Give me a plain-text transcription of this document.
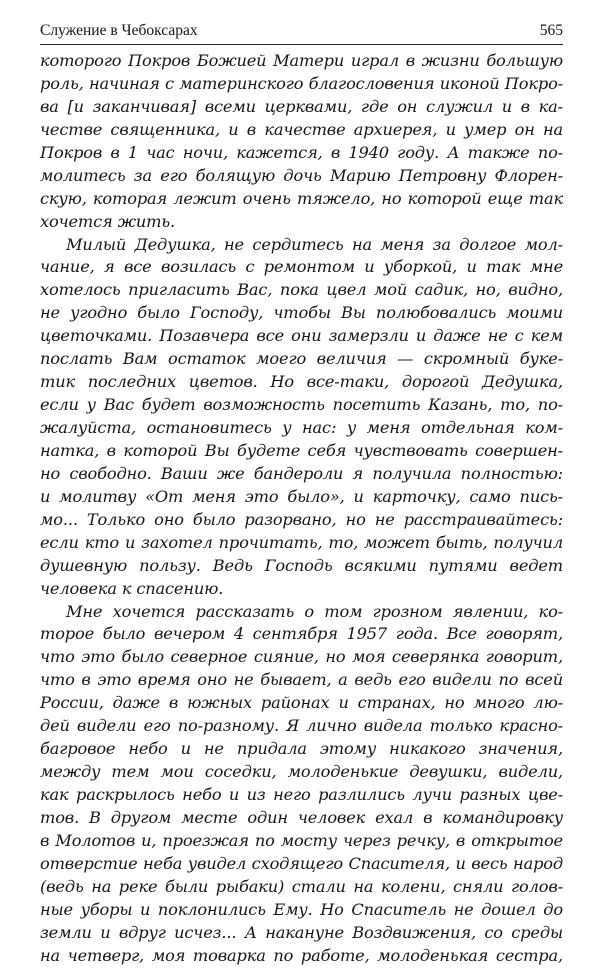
Служение в Чебоксарах	565
которого Покров Божией Матери играл в жизни большую
роль, начиная с материнского благословения иконой Покро-
ва [и заканчивая] всеми церквами, где он служил и в ка-
честве священника, и в качестве архиерея, и умер он на
Покров в 1 час ночи, кажется, в 1940 году. А также по-
молитесь за его болящую дочь Марию Петровну Флорен-
скую, которая лежит очень тяжело, но которой еще так
хочется жить.
Милый Дедушка, не сердитесь на меня за долгое мол-
чание, я все возилась с ремонтом и уборкой, и так мне
хотелось пригласить Вас, пока цвел мой садик, но, видно,
не угодно было Господу, чтобы Вы полюбовались моими
цветочками. Позавчера все они замерзли и даже не с кем
послать Вам остаток моего величия — скромный буке-
тик последних цветов. Но все-таки, дорогой Дедушка,
если у Вас будет возможность посетить Казань, то, по-
жалуйста, остановитесь у нас: у меня отдельная ком-
натка, в которой Вы будете себя чувствовать совершен-
но свободно. Ваши же бандероли я получила полностью:
и молитву «От меня это было», и карточку, само пись-
мо... Только оно было разорвано, но не расстраивайтесь:
если кто и захотел прочитать, то, может быть, получил
душевную пользу. Ведь Господь всякими путями ведет
человека к спасению.
Мне хочется рассказать о том грозном явлении, ко-
торое было вечером 4 сентября 1957 года. Все говорят,
что это было северное сияние, но моя северянка говорит,
что в это время оно не бывает, а ведь его видели по всей
России, даже в южных районах и странах, но много лю-
дей видели его по-разному. Я лично видела только красно-
багровое небо и не придала этому никакого значения,
между тем мои соседки, молоденькие девушки, видели,
как раскрылось небо и из него разлились лучи разных цве-
тов. В другом месте один человек ехал в командировку
в Молотов и, проезжая по мосту через речку, в открытое
отверстие неба увидел сходящего Спасителя, и весь народ
(ведь на реке были рыбаки) стали на колени, сняли голов-
ные уборы и поклонились Ему. Но Спаситель не дошел до
земли и вдруг исчез... А накануне Воздвижения, со среды
на четверг, моя товарка по работе, молоденькая сестра,
